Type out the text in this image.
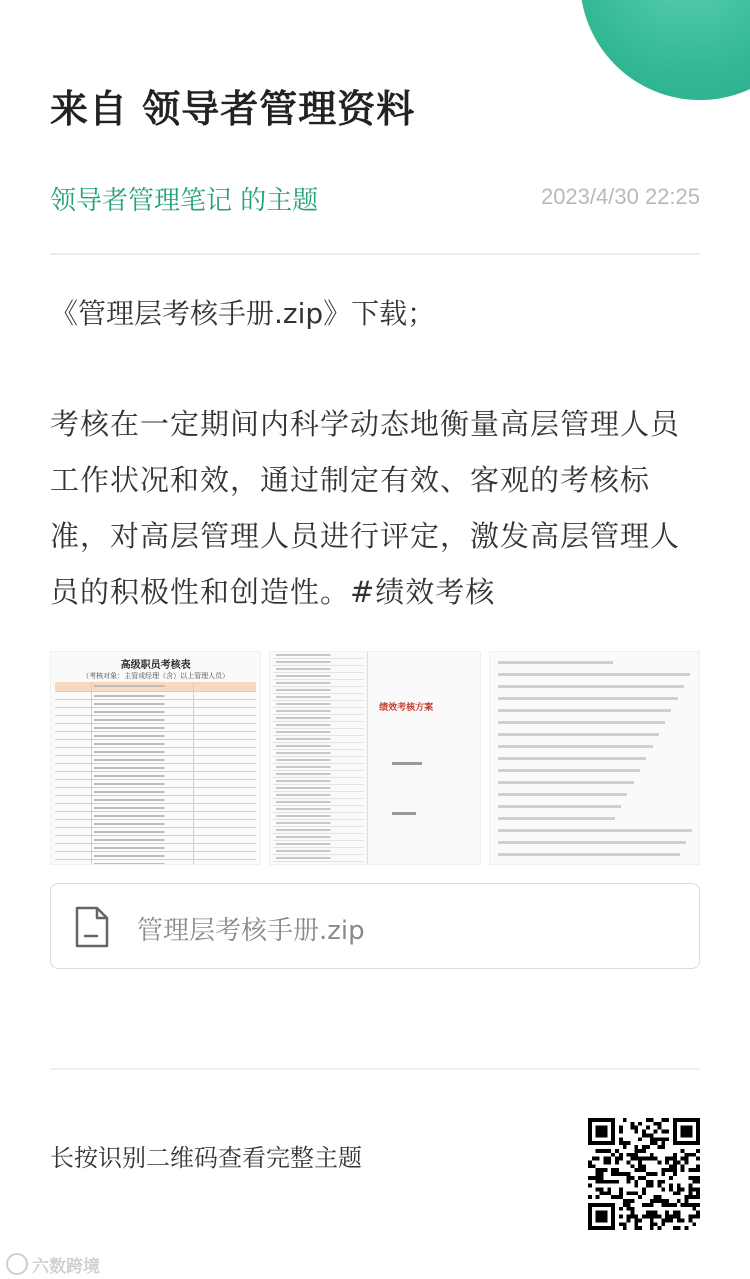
来自 领导者管理资料
领导者管理笔记 的主题	2023/4/30 22:25
《管理层考核手册.zip》下载；
考核在一定期间内科学动态地衡量高层管理人员工作状况和效，通过制定有效、客观的考核标准，对高层管理人员进行评定，激发高层管理人员的积极性和创造性。#绩效考核
高级职员考核表
（考核对象：主管或经理（含）以上管理人员）
绩效考核方案
管理层考核手册.zip
长按识别二维码查看完整主题
六数跨境
